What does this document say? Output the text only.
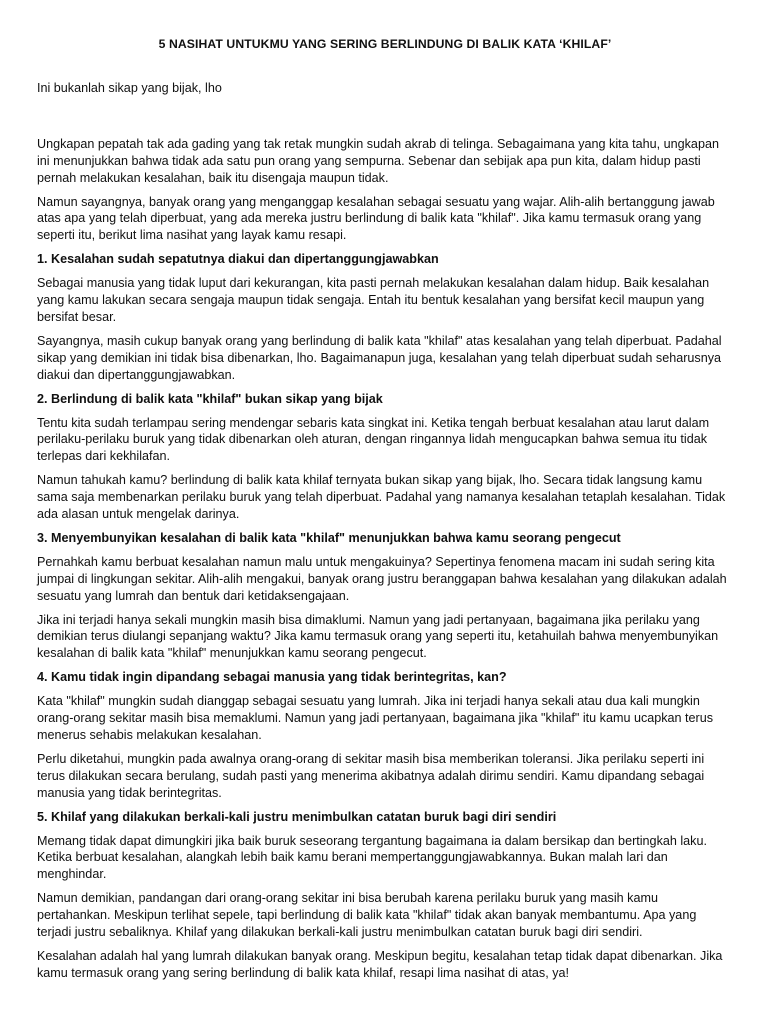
5 NASIHAT UNTUKMU YANG SERING BERLINDUNG DI BALIK KATA ‘KHILAF’
Ini bukanlah sikap yang bijak, lho

Ungkapan pepatah tak ada gading yang tak retak mungkin sudah akrab di telinga. Sebagaimana yang kita tahu, ungkapan ini menunjukkan bahwa tidak ada satu pun orang yang sempurna. Sebenar dan sebijak apa pun kita, dalam hidup pasti pernah melakukan kesalahan, baik itu disengaja maupun tidak.

Namun sayangnya, banyak orang yang menganggap kesalahan sebagai sesuatu yang wajar. Alih-alih bertanggung jawab atas apa yang telah diperbuat, yang ada mereka justru berlindung di balik kata "khilaf". Jika kamu termasuk orang yang seperti itu, berikut lima nasihat yang layak kamu resapi.

1. Kesalahan sudah sepatutnya diakui dan dipertanggungjawabkan

Sebagai manusia yang tidak luput dari kekurangan, kita pasti pernah melakukan kesalahan dalam hidup. Baik kesalahan yang kamu lakukan secara sengaja maupun tidak sengaja. Entah itu bentuk kesalahan yang bersifat kecil maupun yang bersifat besar.

Sayangnya, masih cukup banyak orang yang berlindung di balik kata "khilaf" atas kesalahan yang telah diperbuat. Padahal sikap yang demikian ini tidak bisa dibenarkan, lho. Bagaimanapun juga, kesalahan yang telah diperbuat sudah seharusnya diakui dan dipertanggungjawabkan.

2. Berlindung di balik kata "khilaf" bukan sikap yang bijak

Tentu kita sudah terlampau sering mendengar sebaris kata singkat ini. Ketika tengah berbuat kesalahan atau larut dalam perilaku-perilaku buruk yang tidak dibenarkan oleh aturan, dengan ringannya lidah mengucapkan bahwa semua itu tidak terlepas dari kekhilafan.

Namun tahukah kamu? berlindung di balik kata khilaf ternyata bukan sikap yang bijak, lho. Secara tidak langsung kamu sama saja membenarkan perilaku buruk yang telah diperbuat. Padahal yang namanya kesalahan tetaplah kesalahan. Tidak ada alasan untuk mengelak darinya.

3. Menyembunyikan kesalahan di balik kata "khilaf" menunjukkan bahwa kamu seorang pengecut

Pernahkah kamu berbuat kesalahan namun malu untuk mengakuinya? Sepertinya fenomena macam ini sudah sering kita jumpai di lingkungan sekitar. Alih-alih mengakui, banyak orang justru beranggapan bahwa kesalahan yang dilakukan adalah sesuatu yang lumrah dan bentuk dari ketidaksengajaan.

Jika ini terjadi hanya sekali mungkin masih bisa dimaklumi. Namun yang jadi pertanyaan, bagaimana jika perilaku yang demikian terus diulangi sepanjang waktu? Jika kamu termasuk orang yang seperti itu, ketahuilah bahwa menyembunyikan kesalahan di balik kata "khilaf" menunjukkan kamu seorang pengecut.

4. Kamu tidak ingin dipandang sebagai manusia yang tidak berintegritas, kan?

Kata "khilaf" mungkin sudah dianggap sebagai sesuatu yang lumrah. Jika ini terjadi hanya sekali atau dua kali mungkin orang-orang sekitar masih bisa memaklumi. Namun yang jadi pertanyaan, bagaimana jika "khilaf" itu kamu ucapkan terus menerus sehabis melakukan kesalahan.

Perlu diketahui, mungkin pada awalnya orang-orang di sekitar masih bisa memberikan toleransi. Jika perilaku seperti ini terus dilakukan secara berulang, sudah pasti yang menerima akibatnya adalah dirimu sendiri. Kamu dipandang sebagai manusia yang tidak berintegritas.

5. Khilaf yang dilakukan berkali-kali justru menimbulkan catatan buruk bagi diri sendiri

Memang tidak dapat dimungkiri jika baik buruk seseorang tergantung bagaimana ia dalam bersikap dan bertingkah laku. Ketika berbuat kesalahan, alangkah lebih baik kamu berani mempertanggungjawabkannya. Bukan malah lari dan menghindar.

Namun demikian, pandangan dari orang-orang sekitar ini bisa berubah karena perilaku buruk yang masih kamu pertahankan. Meskipun terlihat sepele, tapi berlindung di balik kata "khilaf" tidak akan banyak membantumu. Apa yang terjadi justru sebaliknya. Khilaf yang dilakukan berkali-kali justru menimbulkan catatan buruk bagi diri sendiri.

Kesalahan adalah hal yang lumrah dilakukan banyak orang. Meskipun begitu, kesalahan tetap tidak dapat dibenarkan. Jika kamu termasuk orang yang sering berlindung di balik kata khilaf, resapi lima nasihat di atas, ya!
